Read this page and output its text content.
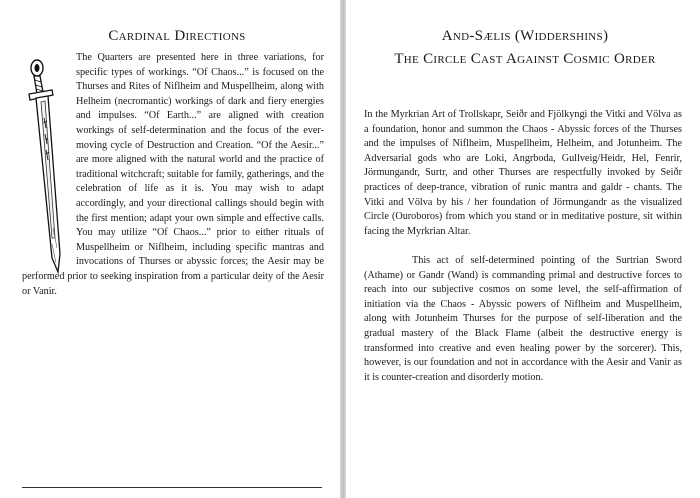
Cardinal Directions

The Quarters are presented here in three variations, for specific types of workings. “Of Chaos...” is focused on the Thurses and Rites of Niflheim and Muspellheim, along with Helheim (necromantic) workings of dark and fiery energies and impulses. “Of Earth...” are aligned with creation workings of self-determination and the focus of the ever-moving cycle of Destruction and Creation. “Of the Aesir...” are more aligned with the natural world and the practice of traditional witchcraft; suitable for family, gatherings, and the celebration of life as it is. You may wish to adapt accordingly, and your directional callings should begin with the first mention; adapt your own simple and effective calls. You may utilize “Of Chaos...” prior to either rituals of Muspellheim or Niflheim, including specific mantras and invocations of Thurses or abyssic forces; the Aesir may be performed prior to seeking inspiration from a particular deity of the Aesir or Vanir.

And-Sælis (Widdershins)
The Circle Cast Against Cosmic Order

In the Myrkrian Art of Trollskapr, Seiðr and Fjölkyngi the Vitki and Völva as a foundation, honor and summon the Chaos - Abyssic forces of the Thurses and the impulses of Niflheim, Muspellheim, Helheim, and Jotunheim. The Adversarial gods who are Loki, Angrboda, Gullveig/Heidr, Hel, Fenrir, Jörmungandr, Surtr, and other Thurses are respectfully invoked by Seiðr practices of deep-trance, vibration of runic mantra and galdr - chants. The Vitki and Völva by his / her foundation of Jörmungandr as the visualized Circle (Ouroboros) from which you stand or in meditative posture, sit within facing the Myrkrian Altar.

This act of self-determined pointing of the Surtrian Sword (Athame) or Gandr (Wand) is commanding primal and destructive forces to reach into our subjective cosmos on some level, the self-affirmation of initiation via the Chaos - Abyssic powers of Niflheim and Muspellheim, along with Jotunheim Thurses for the purpose of self-liberation and the gradual mastery of the Black Flame (albeit the destructive energy is transformed into creative and even healing power by the sorcerer). This, however, is our foundation and not in accordance with the Aesir and Vanir as it is counter-creation and disorderly motion.
